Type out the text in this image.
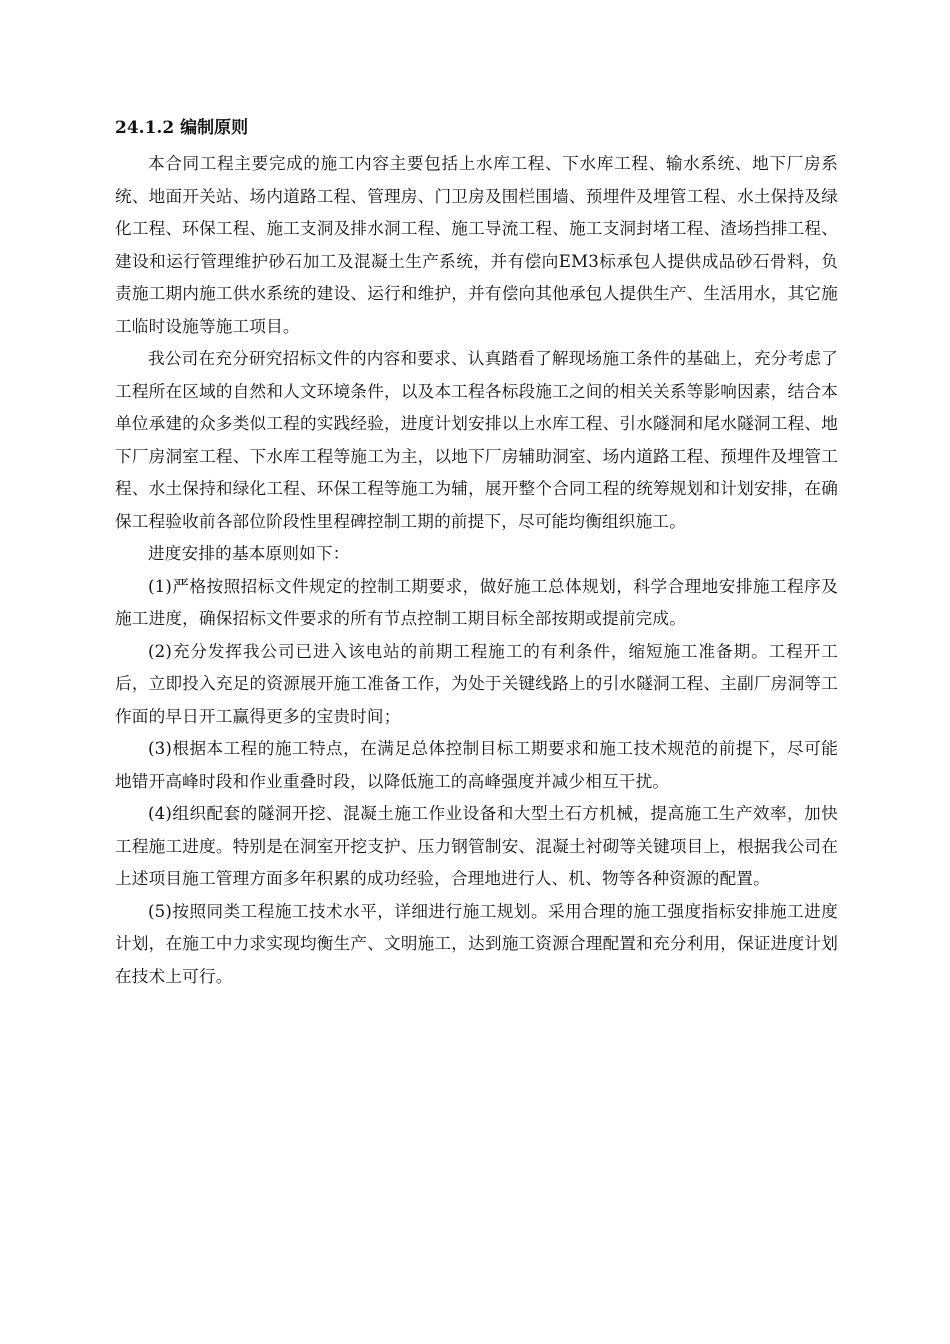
24.1.2 编制原则

本合同工程主要完成的施工内容主要包括上水库工程、下水库工程、输水系统、地下厂房系统、地面开关站、场内道路工程、管理房、门卫房及围栏围墙、预埋件及埋管工程、水土保持及绿化工程、环保工程、施工支洞及排水洞工程、施工导流工程、施工支洞封堵工程、渣场挡排工程、建设和运行管理维护砂石加工及混凝土生产系统，并有偿向EM3标承包人提供成品砂石骨料，负责施工期内施工供水系统的建设、运行和维护，并有偿向其他承包人提供生产、生活用水，其它施工临时设施等施工项目。

我公司在充分研究招标文件的内容和要求、认真踏看了解现场施工条件的基础上，充分考虑了工程所在区域的自然和人文环境条件，以及本工程各标段施工之间的相关关系等影响因素，结合本单位承建的众多类似工程的实践经验，进度计划安排以上水库工程、引水隧洞和尾水隧洞工程、地下厂房洞室工程、下水库工程等施工为主，以地下厂房辅助洞室、场内道路工程、预埋件及埋管工程、水土保持和绿化工程、环保工程等施工为辅，展开整个合同工程的统筹规划和计划安排，在确保工程验收前各部位阶段性里程碑控制工期的前提下，尽可能均衡组织施工。

进度安排的基本原则如下：

(1)严格按照招标文件规定的控制工期要求，做好施工总体规划，科学合理地安排施工程序及施工进度，确保招标文件要求的所有节点控制工期目标全部按期或提前完成。

(2)充分发挥我公司已进入该电站的前期工程施工的有利条件，缩短施工准备期。工程开工后，立即投入充足的资源展开施工准备工作，为处于关键线路上的引水隧洞工程、主副厂房洞等工作面的早日开工赢得更多的宝贵时间；

(3)根据本工程的施工特点，在满足总体控制目标工期要求和施工技术规范的前提下，尽可能地错开高峰时段和作业重叠时段，以降低施工的高峰强度并减少相互干扰。

(4)组织配套的隧洞开挖、混凝土施工作业设备和大型土石方机械，提高施工生产效率，加快工程施工进度。特别是在洞室开挖支护、压力钢管制安、混凝土衬砌等关键项目上，根据我公司在上述项目施工管理方面多年积累的成功经验，合理地进行人、机、物等各种资源的配置。

(5)按照同类工程施工技术水平，详细进行施工规划。采用合理的施工强度指标安排施工进度计划，在施工中力求实现均衡生产、文明施工，达到施工资源合理配置和充分利用，保证进度计划在技术上可行。
